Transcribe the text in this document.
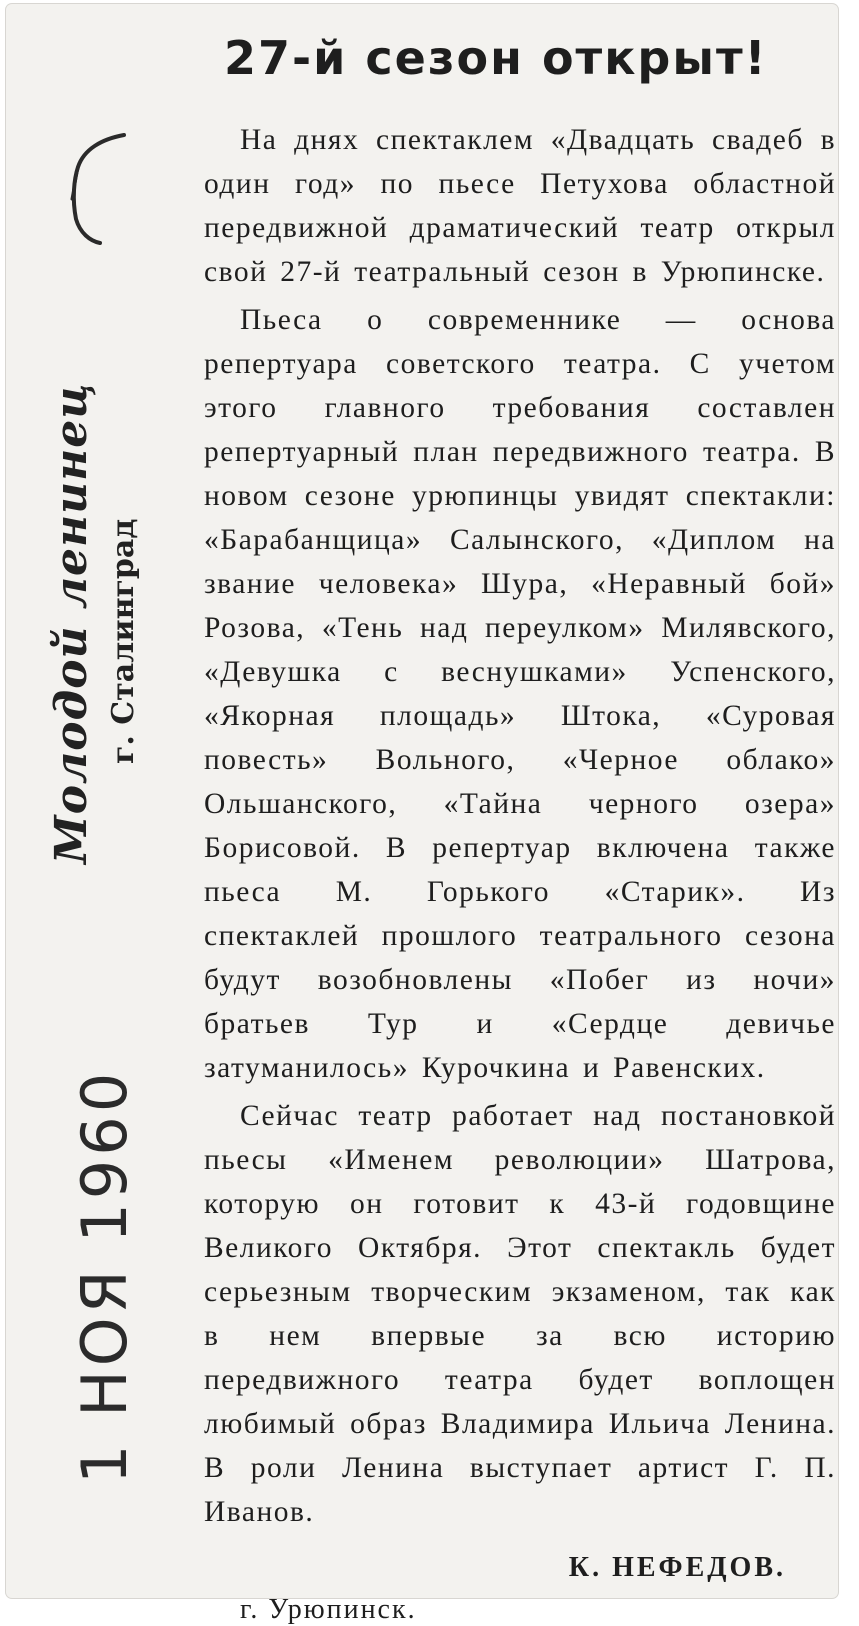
Молодой ленинец г. Сталинград
1 НОЯ 1960
27-й сезон открыт!

На днях спектаклем «Двадцать свадеб в один год» по пьесе Петухова областной передвижной драматический театр открыл свой 27-й театральный сезон в Урюпинске.

Пьеса о современнике — основа репертуара советского театра. С учетом этого главного требования составлен репертуарный план передвижного театра. В новом сезоне урюпинцы увидят спектакли: «Барабанщица» Салынского, «Диплом на звание человека» Шура, «Неравный бой» Розова, «Тень над переулком» Милявского, «Девушка с веснушками» Успенского, «Якорная площадь» Штока, «Суровая повесть» Вольного, «Черное облако» Ольшанского, «Тайна черного озера» Борисовой. В репертуар включена также пьеса М. Горького «Старик». Из спектаклей прошлого театрального сезона будут возобновлены «Побег из ночи» братьев Тур и «Сердце девичье затуманилось» Курочкина и Равенских.

Сейчас театр работает над постановкой пьесы «Именем революции» Шатрова, которую он готовит к 43-й годовщине Великого Октября. Этот спектакль будет серьезным творческим экзаменом, так как в нем впервые за всю историю передвижного театра будет воплощен любимый образ Владимира Ильича Ленина. В роли Ленина выступает артист Г. П. Иванов.

К. НЕФЕДОВ.
г. Урюпинск.
